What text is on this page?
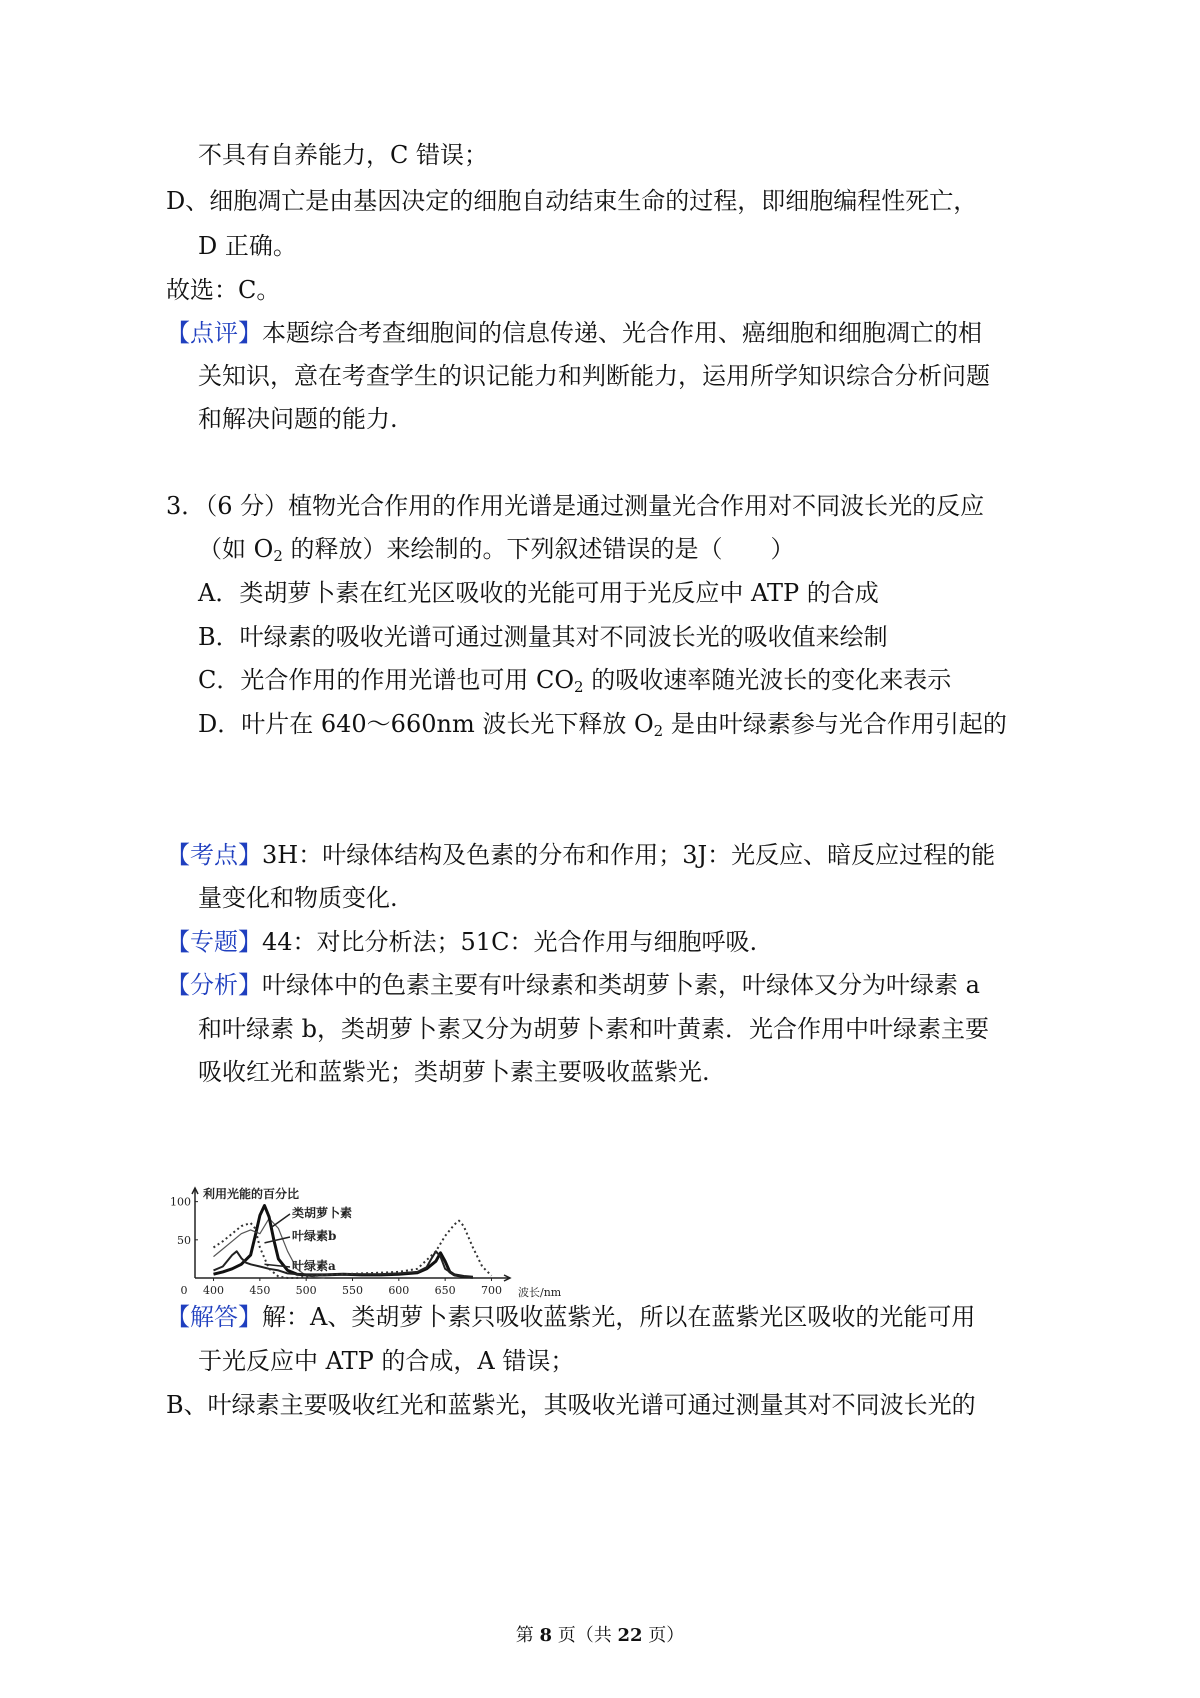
不具有自养能力，C 错误；
D、细胞凋亡是由基因决定的细胞自动结束生命的过程，即细胞编程性死亡，
D 正确。
故选：C。
【点评】本题综合考查细胞间的信息传递、光合作用、癌细胞和细胞凋亡的相
关知识，意在考查学生的识记能力和判断能力，运用所学知识综合分析问题
和解决问题的能力.
3．（6 分）植物光合作用的作用光谱是通过测量光合作用对不同波长光的反应
（如 $O_2$ 的释放）来绘制的。下列叙述错误的是（　　）
A．类胡萝卜素在红光区吸收的光能可用于光反应中 ATP 的合成
B．叶绿素的吸收光谱可通过测量其对不同波长光的吸收值来绘制
C．光合作用的作用光谱也可用 $CO_2$ 的吸收速率随光波长的变化来表示
D．叶片在 640～660nm 波长光下释放 $O_2$ 是由叶绿素参与光合作用引起的
【考点】3H：叶绿体结构及色素的分布和作用；3J：光反应、暗反应过程的能
量变化和物质变化.
【专题】44：对比分析法；51C：光合作用与细胞呼吸.
【分析】叶绿体中的色素主要有叶绿素和类胡萝卜素，叶绿体又分为叶绿素 a
和叶绿素 b，类胡萝卜素又分为胡萝卜素和叶黄素．光合作用中叶绿素主要
吸收红光和蓝紫光；类胡萝卜素主要吸收蓝紫光.
400 450 500 550 600 650 700
0	波长/nm
50
100
利用光能的百分比
类胡萝卜素
叶绿素b
叶绿素a
【解答】解：A、类胡萝卜素只吸收蓝紫光，所以在蓝紫光区吸收的光能可用
于光反应中 ATP 的合成，A 错误；
B、叶绿素主要吸收红光和蓝紫光，其吸收光谱可通过测量其对不同波长光的
第 8 页（共 22 页）
